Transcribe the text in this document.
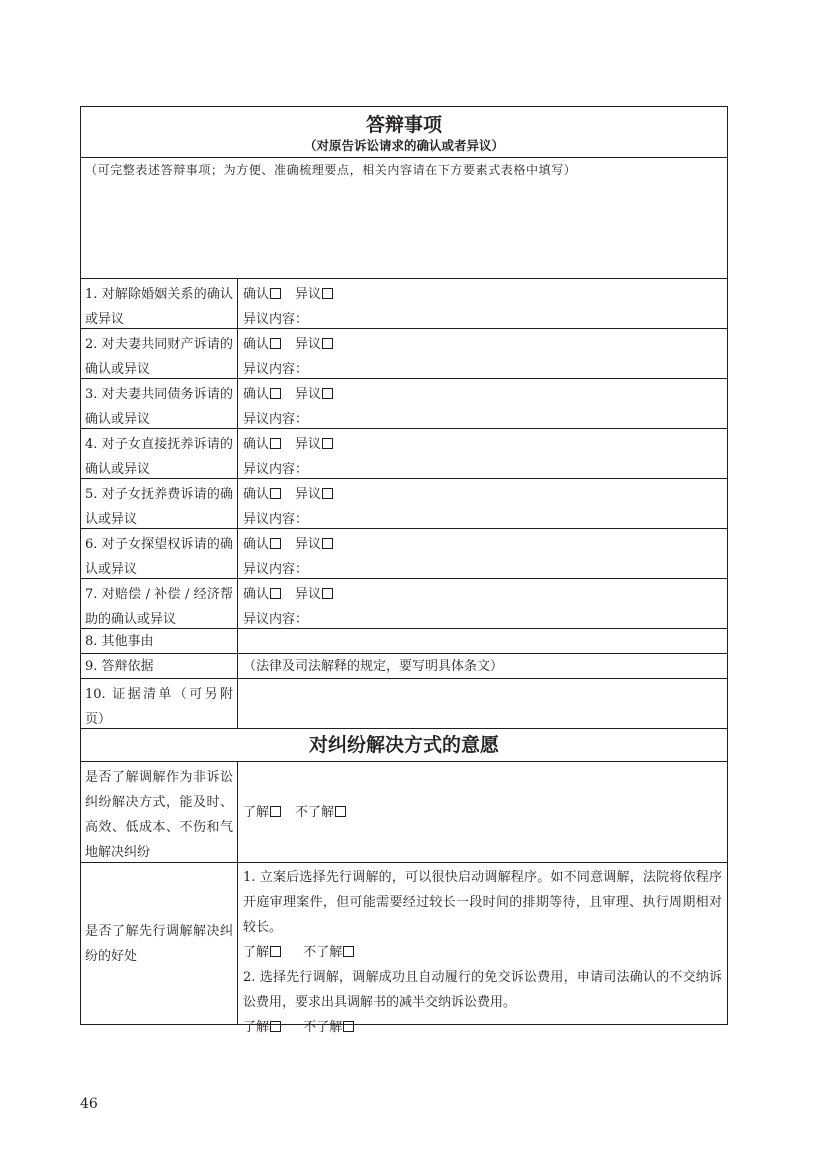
答辩事项
（对原告诉讼请求的确认或者异议）
（可完整表述答辩事项；为方便、准确梳理要点，相关内容请在下方要素式表格中填写）
1. 对解除婚姻关系的确认或异议
确认 异议
异议内容：
2. 对夫妻共同财产诉请的确认或异议
确认 异议
异议内容：
3. 对夫妻共同债务诉请的确认或异议
确认 异议
异议内容：
4. 对子女直接抚养诉请的确认或异议
确认 异议
异议内容：
5. 对子女抚养费诉请的确认或异议
确认 异议
异议内容：
6. 对子女探望权诉请的确认或异议
确认 异议
异议内容：
7. 对赔偿 / 补偿 / 经济帮助的确认或异议
确认 异议
异议内容：
8. 其他事由
9. 答辩依据	（法律及司法解释的规定，要写明具体条文）
10. 证据清单（可另附页）
对纠纷解决方式的意愿
是否了解调解作为非诉讼纠纷解决方式，能及时、高效、低成本、不伤和气地解决纠纷
了解	不了解
是否了解先行调解解决纠纷的好处
1. 立案后选择先行调解的，可以很快启动调解程序。如不同意调解，法院将依程序开庭审理案件，但可能需要经过较长一段时间的排期等待，且审理、执行周期相对较长。
了解	不了解
2. 选择先行调解，调解成功且自动履行的免交诉讼费用，申请司法确认的不交纳诉讼费用，要求出具调解书的减半交纳诉讼费用。
了解	不了解
46
